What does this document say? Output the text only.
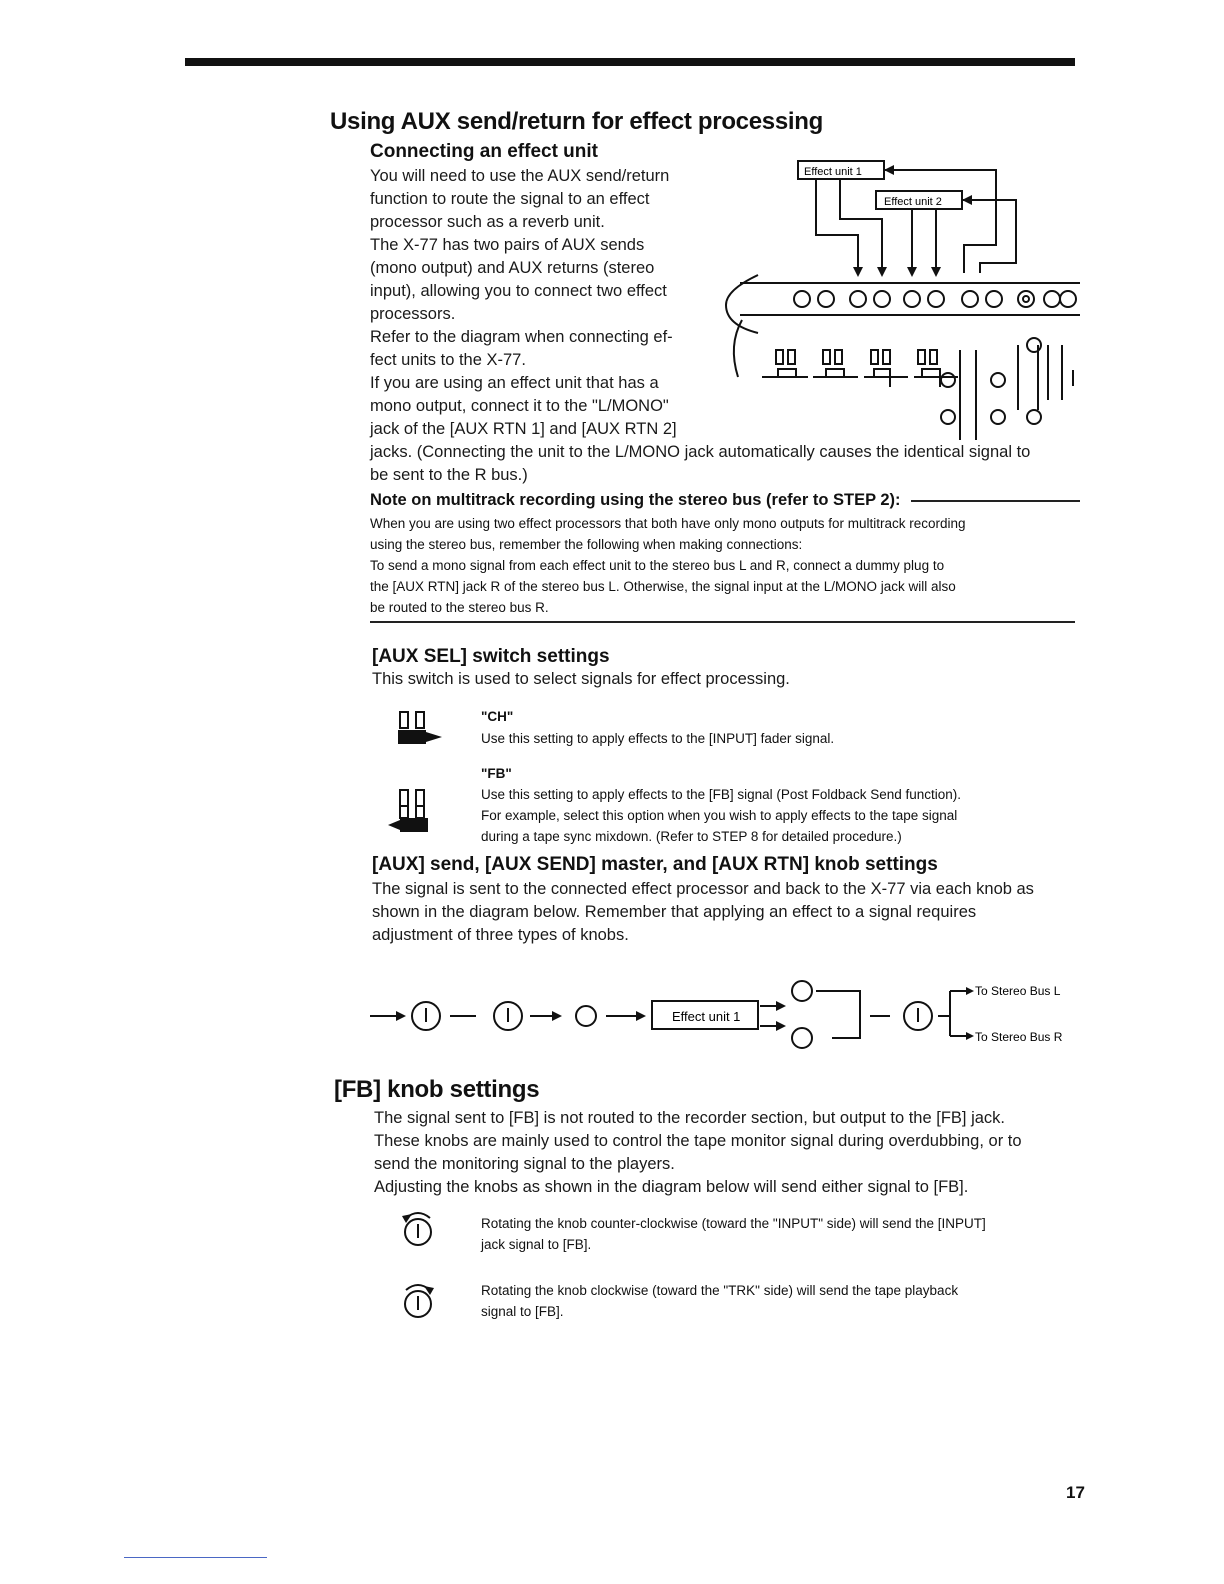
Using AUX send/return for effect processing
Connecting an effect unit
You will need to use the AUX send/return
function to route the signal to an effect
processor such as a reverb unit.
The X-77 has two pairs of AUX sends
(mono output) and AUX returns (stereo
input), allowing you to connect two effect
processors.
Refer to the diagram when connecting ef-
fect units to the X-77.
If you are using an effect unit that has a
mono output, connect it to the "L/MONO"
jack of the [AUX RTN 1] and [AUX RTN 2]
jacks. (Connecting the unit to the L/MONO jack automatically causes the identical signal to
be sent to the R bus.)
Effect unit 1
Effect unit 2
Note on multitrack recording using the stereo bus (refer to STEP 2):
When you are using two effect processors that both have only mono outputs for multitrack recording
using the stereo bus, remember the following when making connections:
To send a mono signal from each effect unit to the stereo bus L and R, connect a dummy plug to
the [AUX RTN] jack R of the stereo bus L. Otherwise, the signal input at the L/MONO jack will also
be routed to the stereo bus R.
[AUX SEL] switch settings
This switch is used to select signals for effect processing.
"CH"
Use this setting to apply effects to the [INPUT] fader signal.
"FB"
Use this setting to apply effects to the [FB] signal (Post Foldback Send function).
For example, select this option when you wish to apply effects to the tape signal
during a tape sync mixdown. (Refer to STEP 8 for detailed procedure.)
[AUX] send, [AUX SEND] master, and [AUX RTN] knob settings
The signal is sent to the connected effect processor and back to the X-77 via each knob as
shown in the diagram below. Remember that applying an effect to a signal requires
adjustment of three types of knobs.
Effect unit 1
To Stereo Bus L
To Stereo Bus R
[FB] knob settings
The signal sent to [FB] is not routed to the recorder section, but output to the [FB] jack.
These knobs are mainly used to control the tape monitor signal during overdubbing, or to
send the monitoring signal to the players.
Adjusting the knobs as shown in the diagram below will send either signal to [FB].
Rotating the knob counter-clockwise (toward the "INPUT" side) will send the [INPUT]
jack signal to [FB].
Rotating the knob clockwise (toward the "TRK" side) will send the tape playback
signal to [FB].
17
